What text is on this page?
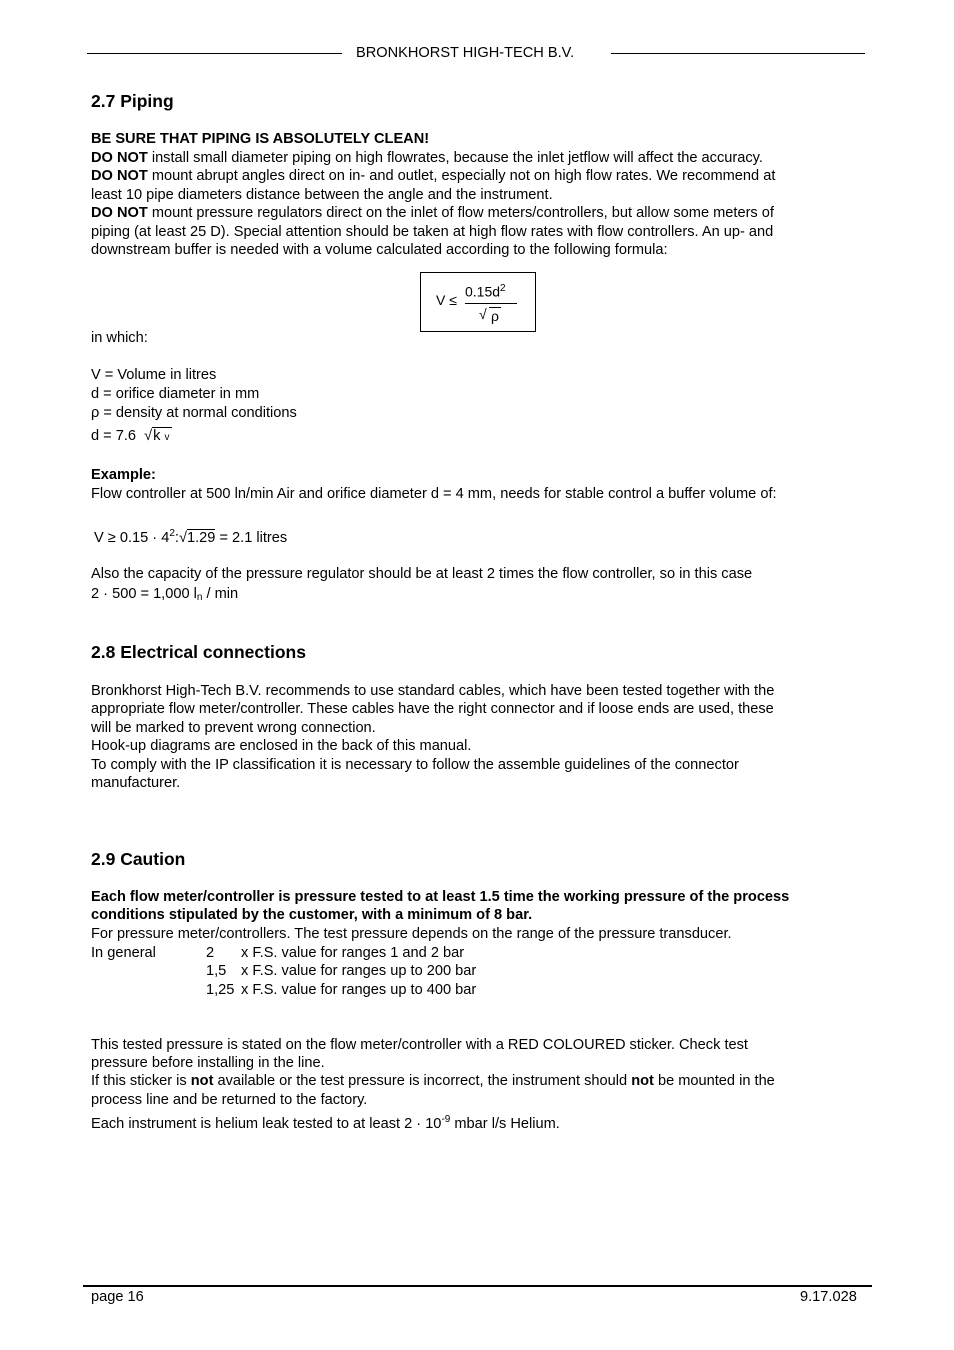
BRONKHORST HIGH-TECH B.V.
2.7 Piping
BE SURE THAT PIPING IS ABSOLUTELY CLEAN!
DO NOT install small diameter piping on high flowrates, because the inlet jetflow will affect the accuracy.
DO NOT mount abrupt angles direct on in- and outlet, especially not on high flow rates. We recommend at
least 10 pipe diameters distance between the angle and the instrument.
DO NOT mount pressure regulators direct on the inlet of flow meters/controllers, but allow some meters of
piping (at least 25 D). Special attention should be taken at high flow rates with flow controllers. An up- and
downstream buffer is needed with a volume calculated according to the following formula:
V ≤
$0.15d^2$
√ ρ
in which:
V = Volume in litres
d = orifice diameter in mm
ρ = density at normal conditions
d = 7.6 √k v
Example:
Flow controller at 500 ln/min Air and orifice diameter d = 4 mm, needs for stable control a buffer volume of:
$V \ge 0.15 \cdot 4^2:√1.29 = 2.1$ litres
Also the capacity of the pressure regulator should be at least 2 times the flow controller, so in this case
2 · 500 = 1,000 ln / min
2.8 Electrical connections
Bronkhorst High-Tech B.V. recommends to use standard cables, which have been tested together with the
appropriate flow meter/controller. These cables have the right connector and if loose ends are used, these
will be marked to prevent wrong connection.
Hook-up diagrams are enclosed in the back of this manual.
To comply with the IP classification it is necessary to follow the assemble guidelines of the connector
manufacturer.
2.9 Caution
Each flow meter/controller is pressure tested to at least 1.5 time the working pressure of the process
conditions stipulated by the customer, with a minimum of 8 bar.
For pressure meter/controllers. The test pressure depends on the range of the pressure transducer.
In general	2 x F.S. value for ranges 1 and 2 bar
1,5 x F.S. value for ranges up to 200 bar
1,25 x F.S. value for ranges up to 400 bar
This tested pressure is stated on the flow meter/controller with a RED COLOURED sticker. Check test
pressure before installing in the line.
If this sticker is not available or the test pressure is incorrect, the instrument should not be mounted in the
process line and be returned to the factory.
Each instrument is helium leak tested to at least $2 \cdot 10^{-9}$ mbar l/s Helium.
page 16	9.17.028
